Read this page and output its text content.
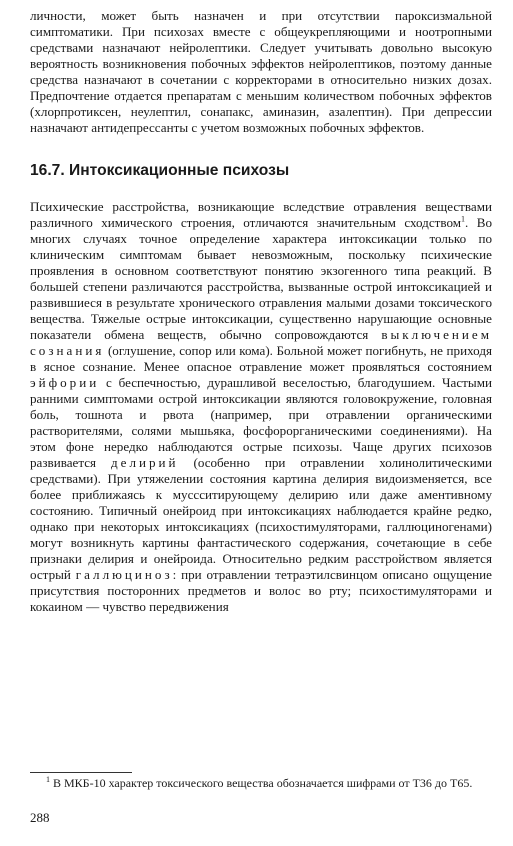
личности, может быть назначен и при отсутствии пароксизмальной симптоматики. При психозах вместе с общеукрепляющими и ноотропными средствами назначают нейролептики. Следует учитывать довольно высокую вероятность возникновения побочных эффектов нейролептиков, поэтому данные средства назначают в сочетании с корректорами в относительно низких дозах. Предпочтение отдается препаратам с меньшим количеством побочных эффектов (хлорпротиксен, неулептил, сонапакс, аминазин, азалептин). При депрессии назначают антидепрессанты с учетом возможных побочных эффектов.

16.7. Интоксикационные психозы

Психические расстройства, возникающие вследствие отравления веществами различного химического строения, отличаются значительным сходством$^1$. Во многих случаях точное определение характера интоксикации только по клиническим симптомам бывает невозможным, поскольку психические проявления в основном соответствуют понятию экзогенного типа реакций. В большей степени различаются расстройства, вызванные острой интоксикацией и развившиеся в результате хронического отравления малыми дозами токсического вещества. Тяжелые острые интоксикации, существенно нарушающие основные показатели обмена веществ, обычно сопровождаются выключением сознания (оглушение, сопор или кома). Больной может погибнуть, не приходя в ясное сознание. Менее опасное отравление может проявляться состоянием эйфории с беспечностью, дурашливой веселостью, благодушием. Частыми ранними симптомами острой интоксикации являются головокружение, головная боль, тошнота и рвота (например, при отравлении органическими растворителями, солями мышьяка, фосфорорганическими соединениями). На этом фоне нередко наблюдаются острые психозы. Чаще других психозов развивается делирий (особенно при отравлении холинолитическими средствами). При утяжелении состояния картина делирия видоизменяется, все более приближаясь к муссситирующему делирию или даже аментивному состоянию. Типичный онейроид при интоксикациях наблюдается крайне редко, однако при некоторых интоксикациях (психостимуляторами, галлюциногенами) могут возникнуть картины фантастического содержания, сочетающие в себе признаки делирия и онейроида. Относительно редким расстройством является острый галлюциноз: при отравлении тетраэтилсвинцом описано ощущение присутствия посторонних предметов и волос во рту; психостимуляторами и кокаином — чувство передвижения

$^1$ В МКБ-10 характер токсического вещества обозначается шифрами от T36 до T65.

288
